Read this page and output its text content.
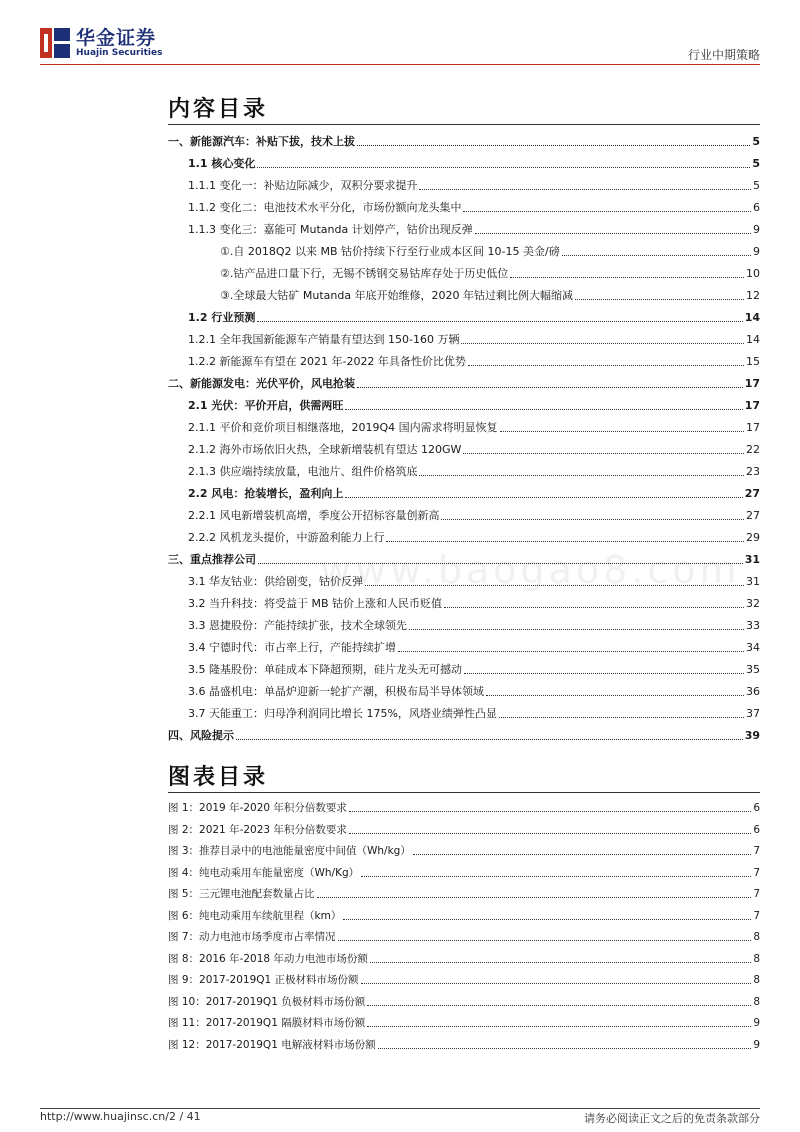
华金证券
Huajin Securities	行业中期策略
内容目录
www.baogao8.com
一、新能源汽车：补贴下拔，技术上拔	5
1.1 核心变化	5
1.1.1 变化一：补贴边际减少，双积分要求提升	5
1.1.2 变化二：电池技术水平分化，市场份额向龙头集中	6
1.1.3 变化三：嘉能可 Mutanda 计划停产，钴价出现反弹	9
①.自 2018Q2 以来 MB 钴价持续下行至行业成本区间 10-15 美金/磅	9
②.钴产品进口量下行，无锡不锈钢交易钴库存处于历史低位	10
③.全球最大钴矿 Mutanda 年底开始维修，2020 年钴过剩比例大幅缩减	12
1.2 行业预测	14
1.2.1 全年我国新能源车产销量有望达到 150-160 万辆	14
1.2.2 新能源车有望在 2021 年-2022 年具备性价比优势	15
二、新能源发电：光伏平价，风电抢装	17
2.1 光伏：平价开启，供需两旺	17
2.1.1 平价和竞价项目相继落地，2019Q4 国内需求将明显恢复	17
2.1.2 海外市场依旧火热，全球新增装机有望达 120GW	22
2.1.3 供应端持续放量，电池片、组件价格筑底	23
2.2 风电：抢装增长，盈利向上	27
2.2.1 风电新增装机高增，季度公开招标容量创新高	27
2.2.2 风机龙头提价，中游盈利能力上行	29
三、重点推荐公司	31
3.1 华友钴业：供给剧变，钴价反弹	31
3.2 当升科技：将受益于 MB 钴价上涨和人民币贬值	32
3.3 恩捷股份：产能持续扩张，技术全球领先	33
3.4 宁德时代：市占率上行，产能持续扩增	34
3.5 隆基股份：单硅成本下降超预期，硅片龙头无可撼动	35
3.6 晶盛机电：单晶炉迎新一轮扩产潮，积极布局半导体领域	36
3.7 天能重工：归母净利润同比增长 175%，风塔业绩弹性凸显	37
四、风险提示	39
图表目录
图 1：2019 年-2020 年积分倍数要求	6
图 2：2021 年-2023 年积分倍数要求	6
图 3：推荐目录中的电池能量密度中间值（Wh/kg）	7
图 4：纯电动乘用车能量密度（Wh/Kg）	7
图 5：三元锂电池配套数量占比	7
图 6：纯电动乘用车续航里程（km）	7
图 7：动力电池市场季度市占率情况	8
图 8：2016 年-2018 年动力电池市场份额	8
图 9：2017-2019Q1 正极材料市场份额	8
图 10：2017-2019Q1 负极材料市场份额	8
图 11：2017-2019Q1 隔膜材料市场份额	9
图 12：2017-2019Q1 电解液材料市场份额	9
http://www.huajinsc.cn/2 / 41	请务必阅读正文之后的免责条款部分
